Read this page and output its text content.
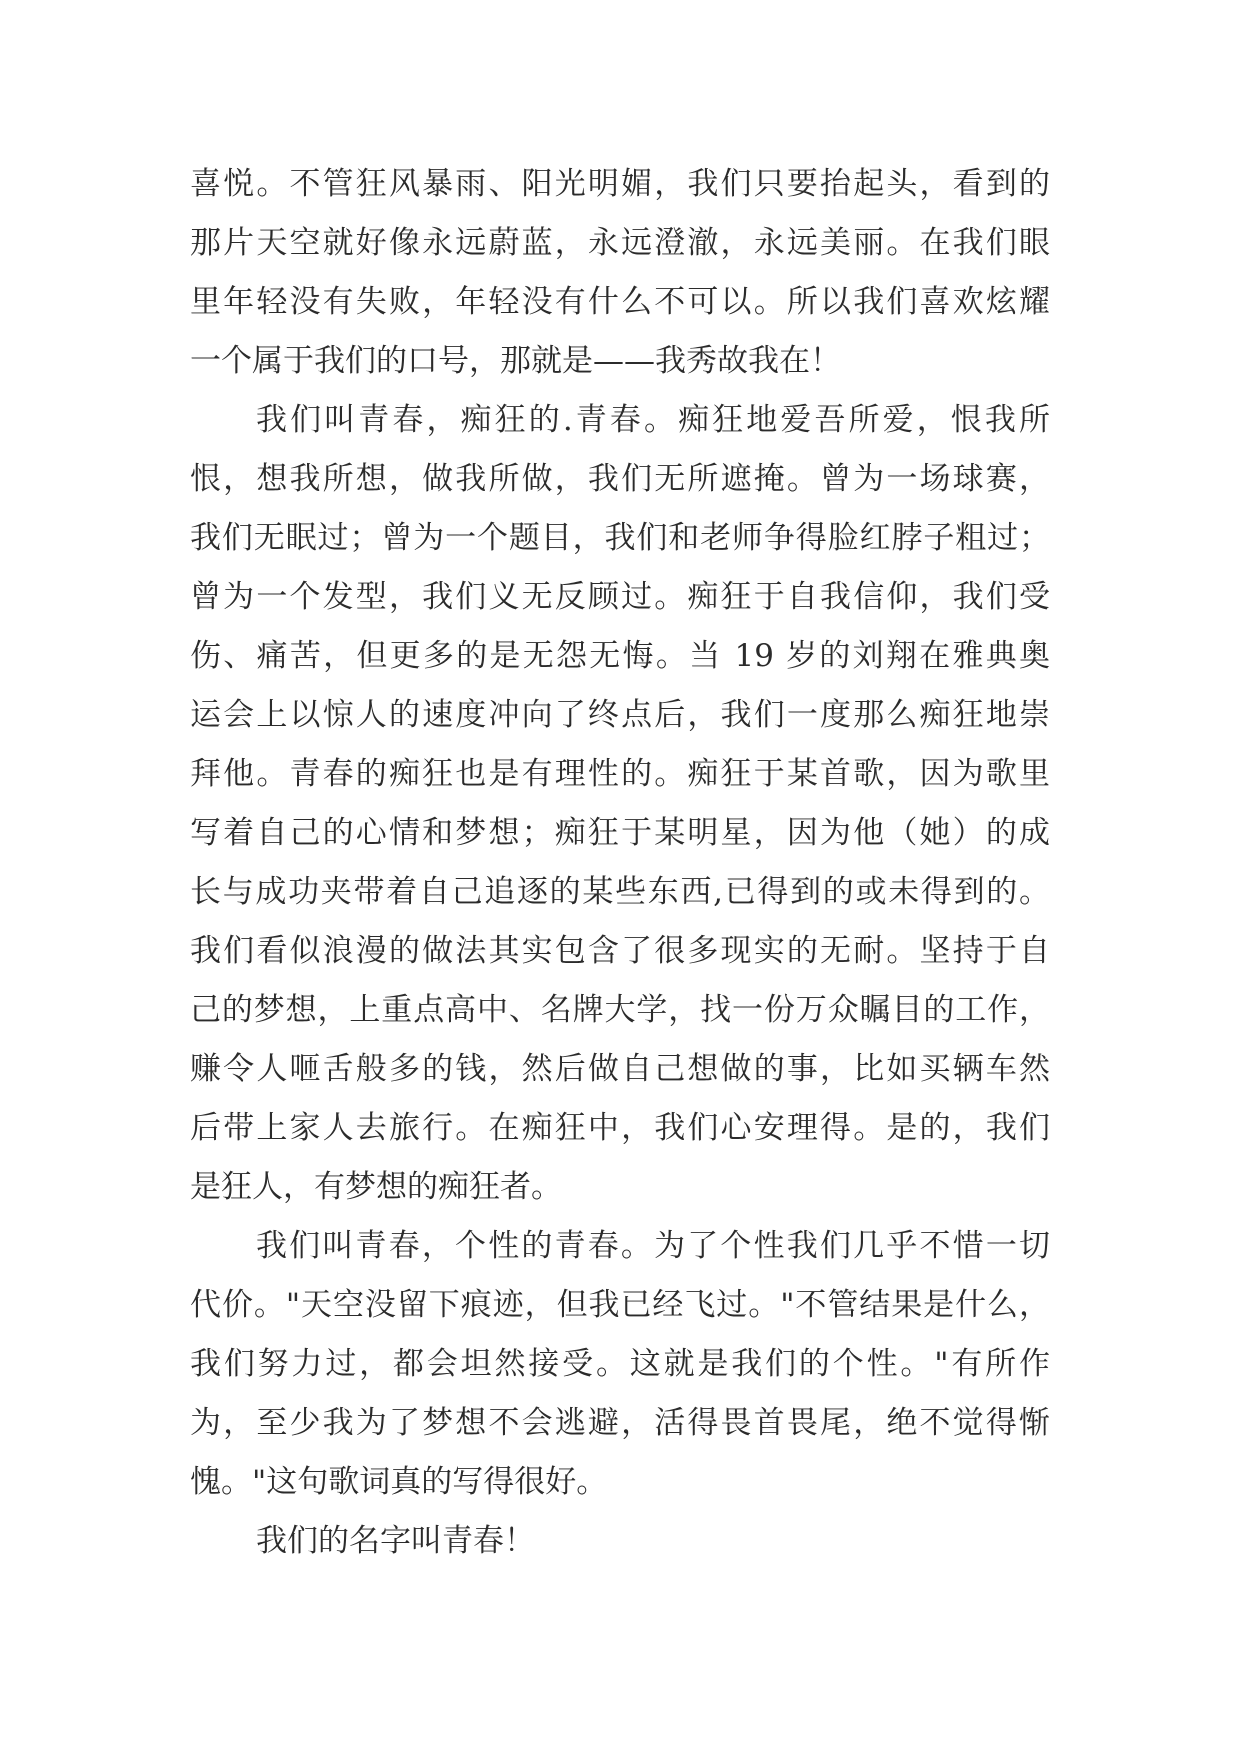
喜悦。不管狂风暴雨、阳光明媚，我们只要抬起头，看到的
那片天空就好像永远蔚蓝，永远澄澈，永远美丽。在我们眼
里年轻没有失败，年轻没有什么不可以。所以我们喜欢炫耀
一个属于我们的口号，那就是——我秀故我在！
我们叫青春，痴狂的.青春。痴狂地爱吾所爱，恨我所
恨，想我所想，做我所做，我们无所遮掩。曾为一场球赛，
我们无眠过；曾为一个题目，我们和老师争得脸红脖子粗过；
曾为一个发型，我们义无反顾过。痴狂于自我信仰，我们受
伤、痛苦，但更多的是无怨无悔。当 19 岁的刘翔在雅典奥
运会上以惊人的速度冲向了终点后，我们一度那么痴狂地崇
拜他。青春的痴狂也是有理性的。痴狂于某首歌，因为歌里
写着自己的心情和梦想；痴狂于某明星，因为他（她）的成
长与成功夹带着自己追逐的某些东西,已得到的或未得到的。
我们看似浪漫的做法其实包含了很多现实的无耐。坚持于自
己的梦想，上重点高中、名牌大学，找一份万众瞩目的工作，
赚令人咂舌般多的钱，然后做自己想做的事，比如买辆车然
后带上家人去旅行。在痴狂中，我们心安理得。是的，我们
是狂人，有梦想的痴狂者。
我们叫青春，个性的青春。为了个性我们几乎不惜一切
代价。"天空没留下痕迹，但我已经飞过。"不管结果是什么，
我们努力过，都会坦然接受。这就是我们的个性。"有所作
为，至少我为了梦想不会逃避，活得畏首畏尾，绝不觉得惭
愧。"这句歌词真的写得很好。
我们的名字叫青春！
